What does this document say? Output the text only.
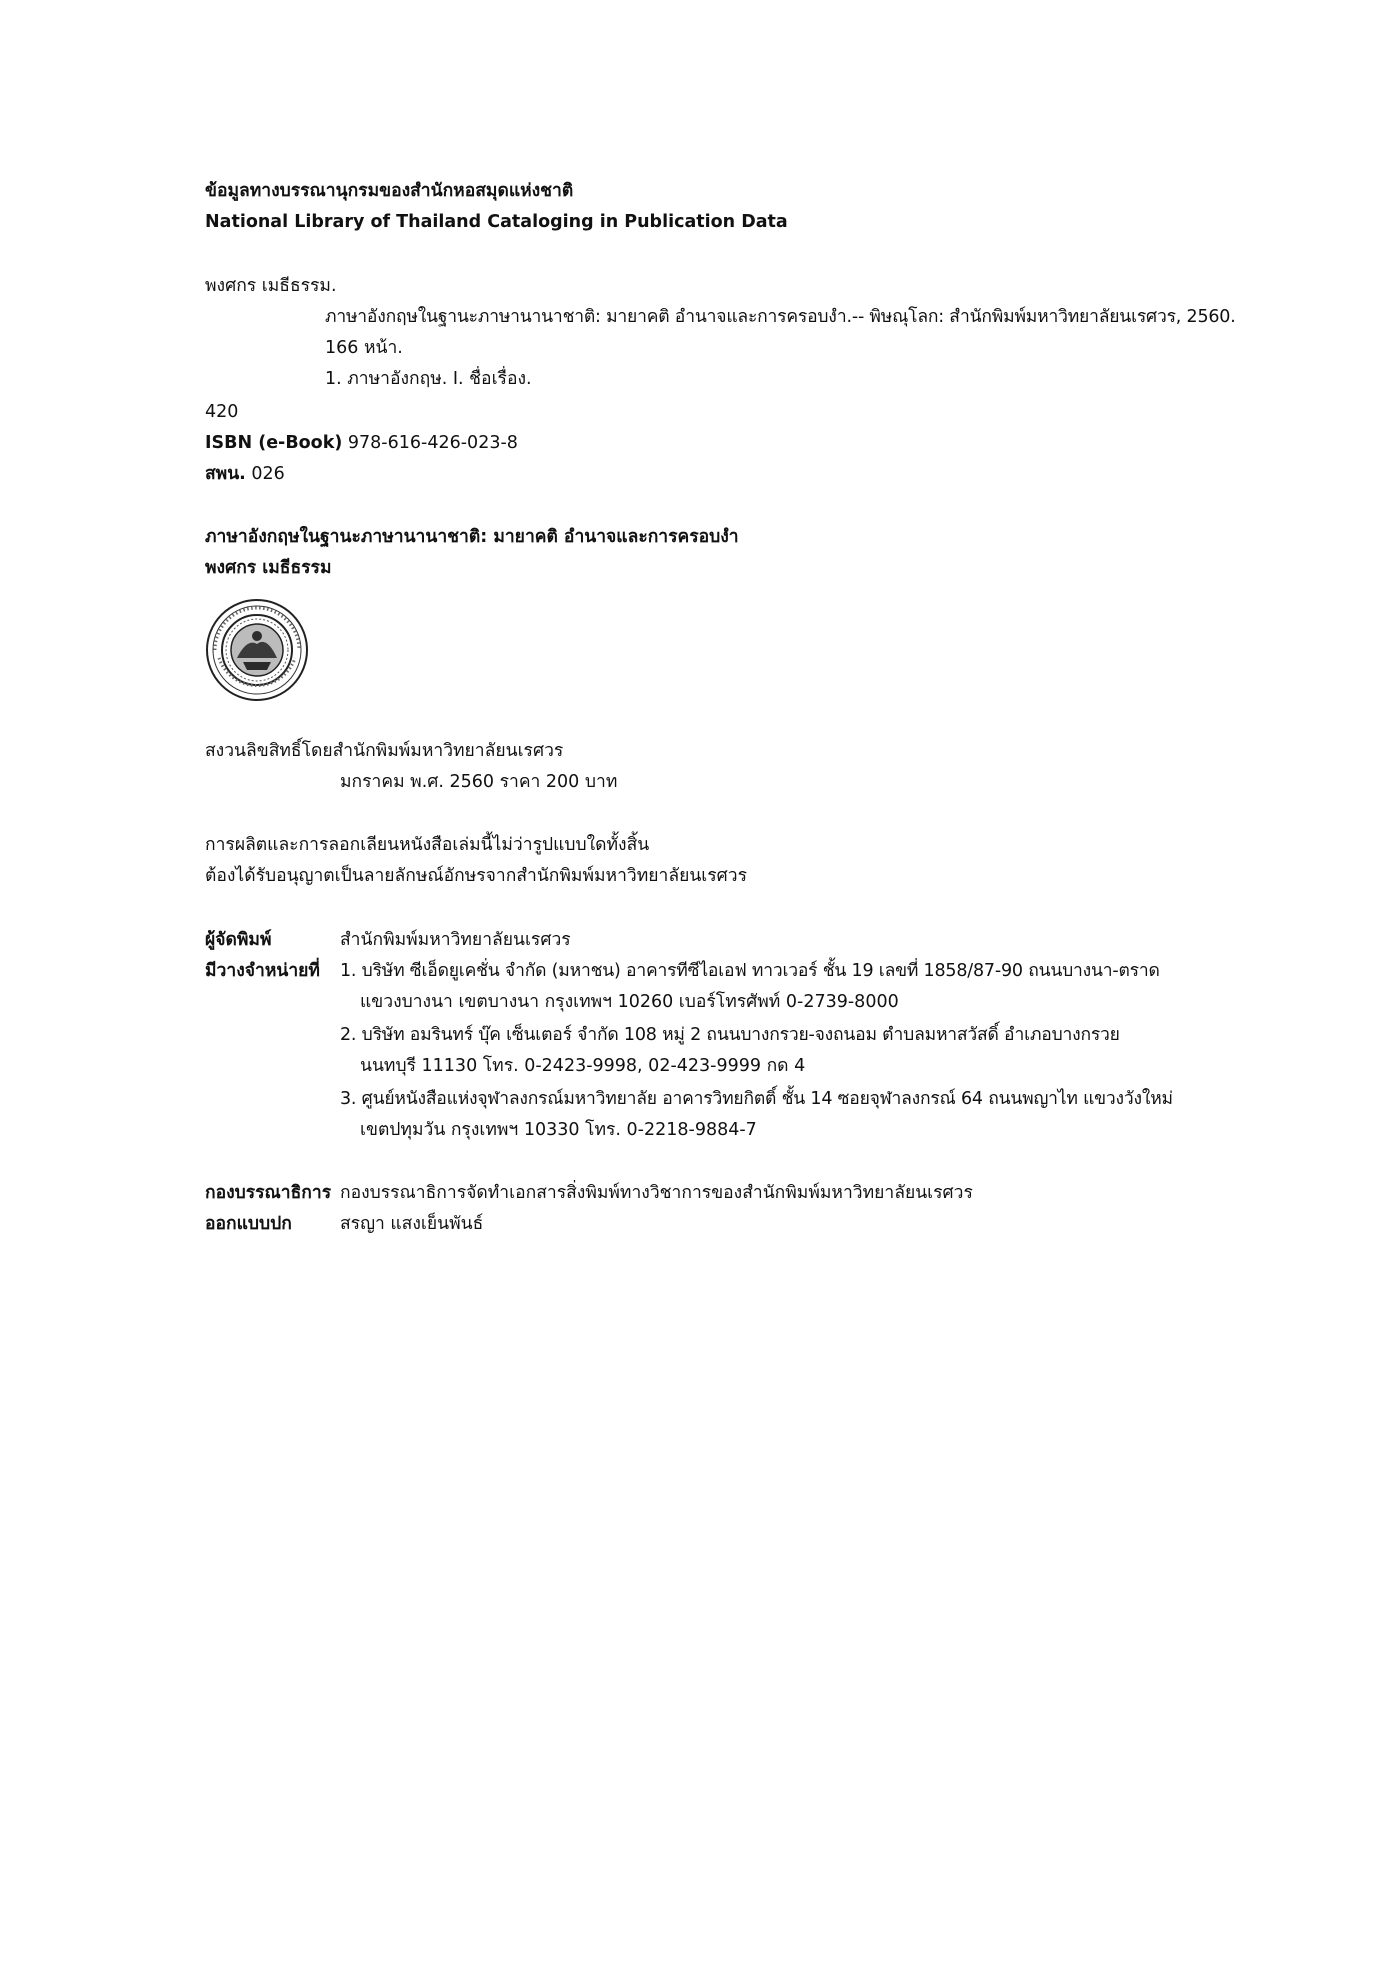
ข้อมูลทางบรรณานุกรมของสำนักหอสมุดแห่งชาติ
National Library of Thailand Cataloging in Publication Data
พงศกร เมธีธรรม.
ภาษาอังกฤษในฐานะภาษานานาชาติ: มายาคติ อำนาจและการครอบงำ.-- พิษณุโลก: สำนักพิมพ์มหาวิทยาลัยนเรศวร, 2560.
166 หน้า.
1. ภาษาอังกฤษ. I. ชื่อเรื่อง.
420
ISBN (e-Book) 978-616-426-023-8
สพน. 026
ภาษาอังกฤษในฐานะภาษานานาชาติ: มายาคติ อำนาจและการครอบงำ
พงศกร เมธีธรรม
สงวนลิขสิทธิ์โดยสำนักพิมพ์มหาวิทยาลัยนเรศวร
มกราคม พ.ศ. 2560 ราคา 200 บาท
การผลิตและการลอกเลียนหนังสือเล่มนี้ไม่ว่ารูปแบบใดทั้งสิ้น
ต้องได้รับอนุญาตเป็นลายลักษณ์อักษรจากสำนักพิมพ์มหาวิทยาลัยนเรศวร
ผู้จัดพิมพ์	สำนักพิมพ์มหาวิทยาลัยนเรศวร
มีวางจำหน่ายที่ 1. บริษัท ซีเอ็ดยูเคชั่น จำกัด (มหาชน) อาคารทีซีไอเอฟ ทาวเวอร์ ชั้น 19 เลขที่ 1858/87-90 ถนนบางนา-ตราด
แขวงบางนา เขตบางนา กรุงเทพฯ 10260 เบอร์โทรศัพท์ 0-2739-8000
2. บริษัท อมรินทร์ บุ๊ค เซ็นเตอร์ จำกัด 108 หมู่ 2 ถนนบางกรวย-จงถนอม ตำบลมหาสวัสดิ์ อำเภอบางกรวย
นนทบุรี 11130 โทร. 0-2423-9998, 02-423-9999 กด 4
3. ศูนย์หนังสือแห่งจุฬาลงกรณ์มหาวิทยาลัย อาคารวิทยกิตติ์ ชั้น 14 ซอยจุฬาลงกรณ์ 64 ถนนพญาไท แขวงวังใหม่
เขตปทุมวัน กรุงเทพฯ 10330 โทร. 0-2218-9884-7
กองบรรณาธิการ กองบรรณาธิการจัดทำเอกสารสิ่งพิมพ์ทางวิชาการของสำนักพิมพ์มหาวิทยาลัยนเรศวร
ออกแบบปก	สรญา แสงเย็นพันธ์
